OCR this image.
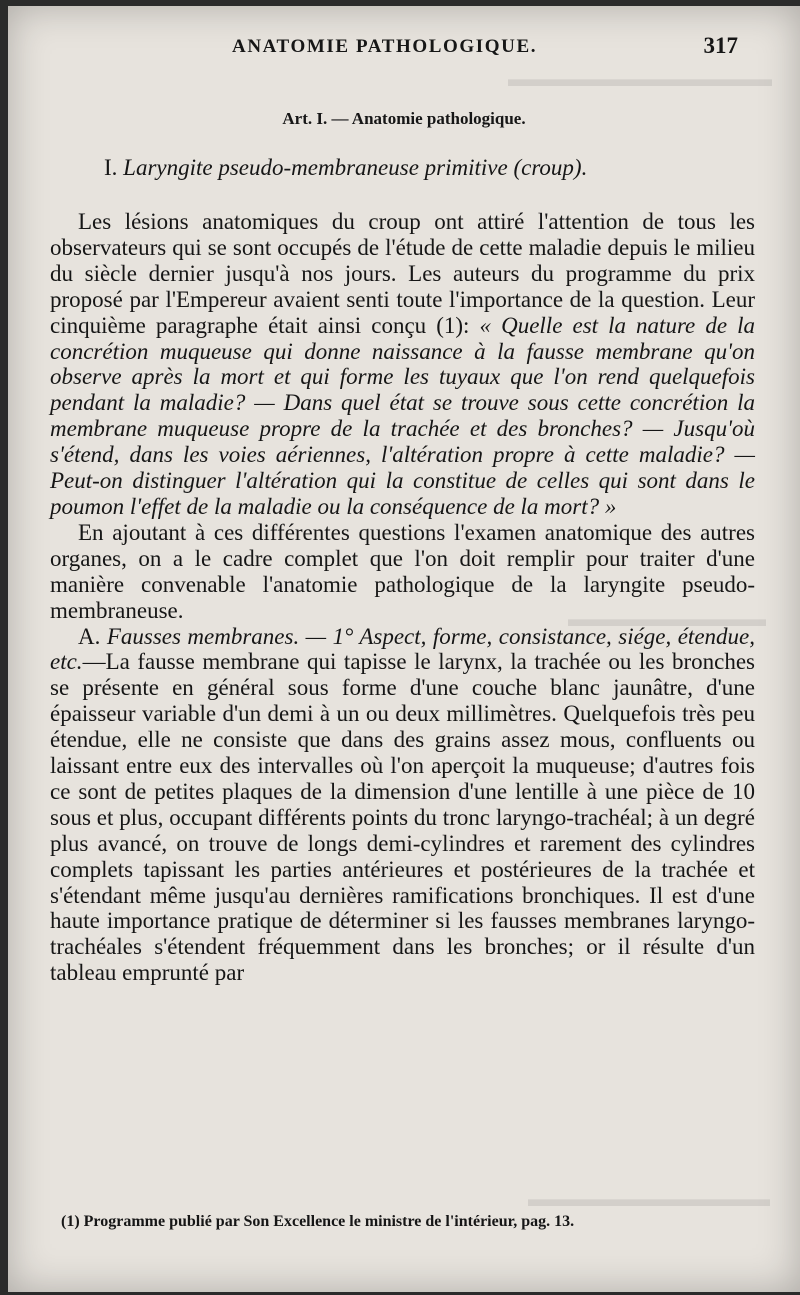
▬▬▬▬▬▬▬▬▬▬▬▬
▬▬▬▬▬▬▬▬▬
▬▬▬▬▬▬▬▬▬▬▬
ANATOMIE PATHOLOGIQUE.	317
Art. I. — Anatomie pathologique.
I. Laryngite pseudo-membraneuse primitive (croup).

Les lésions anatomiques du croup ont attiré l'attention de tous les observateurs qui se sont occupés de l'étude de cette maladie depuis le milieu du siècle dernier jusqu'à nos jours. Les auteurs du programme du prix proposé par l'Empereur avaient senti toute l'importance de la question. Leur cinquième paragraphe était ainsi conçu (1): « Quelle est la nature de la concrétion muqueuse qui donne naissance à la fausse membrane qu'on observe après la mort et qui forme les tuyaux que l'on rend quelquefois pendant la maladie? — Dans quel état se trouve sous cette concrétion la membrane muqueuse propre de la trachée et des bronches? — Jusqu'où s'étend, dans les voies aériennes, l'altération propre à cette maladie? — Peut-on distinguer l'altération qui la constitue de celles qui sont dans le poumon l'effet de la maladie ou la conséquence de la mort? »

En ajoutant à ces différentes questions l'examen anatomique des autres organes, on a le cadre complet que l'on doit remplir pour traiter d'une manière convenable l'anatomie pathologique de la laryngite pseudo-membraneuse.

A. Fausses membranes. — 1° Aspect, forme, consistance, siége, étendue, etc.—La fausse membrane qui tapisse le larynx, la trachée ou les bronches se présente en général sous forme d'une couche blanc jaunâtre, d'une épaisseur variable d'un demi à un ou deux millimètres. Quelquefois très peu étendue, elle ne consiste que dans des grains assez mous, confluents ou laissant entre eux des intervalles où l'on aperçoit la muqueuse; d'autres fois ce sont de petites plaques de la dimension d'une lentille à une pièce de 10 sous et plus, occupant différents points du tronc laryngo-trachéal; à un degré plus avancé, on trouve de longs demi-cylindres et rarement des cylindres complets tapissant les parties antérieures et postérieures de la trachée et s'étendant même jusqu'au dernières ramifications bronchiques. Il est d'une haute importance pratique de déterminer si les fausses membranes laryngo-trachéales s'étendent fréquemment dans les bronches; or il résulte d'un tableau emprunté par

(1) Programme publié par Son Excellence le ministre de l'intérieur, pag. 13.
